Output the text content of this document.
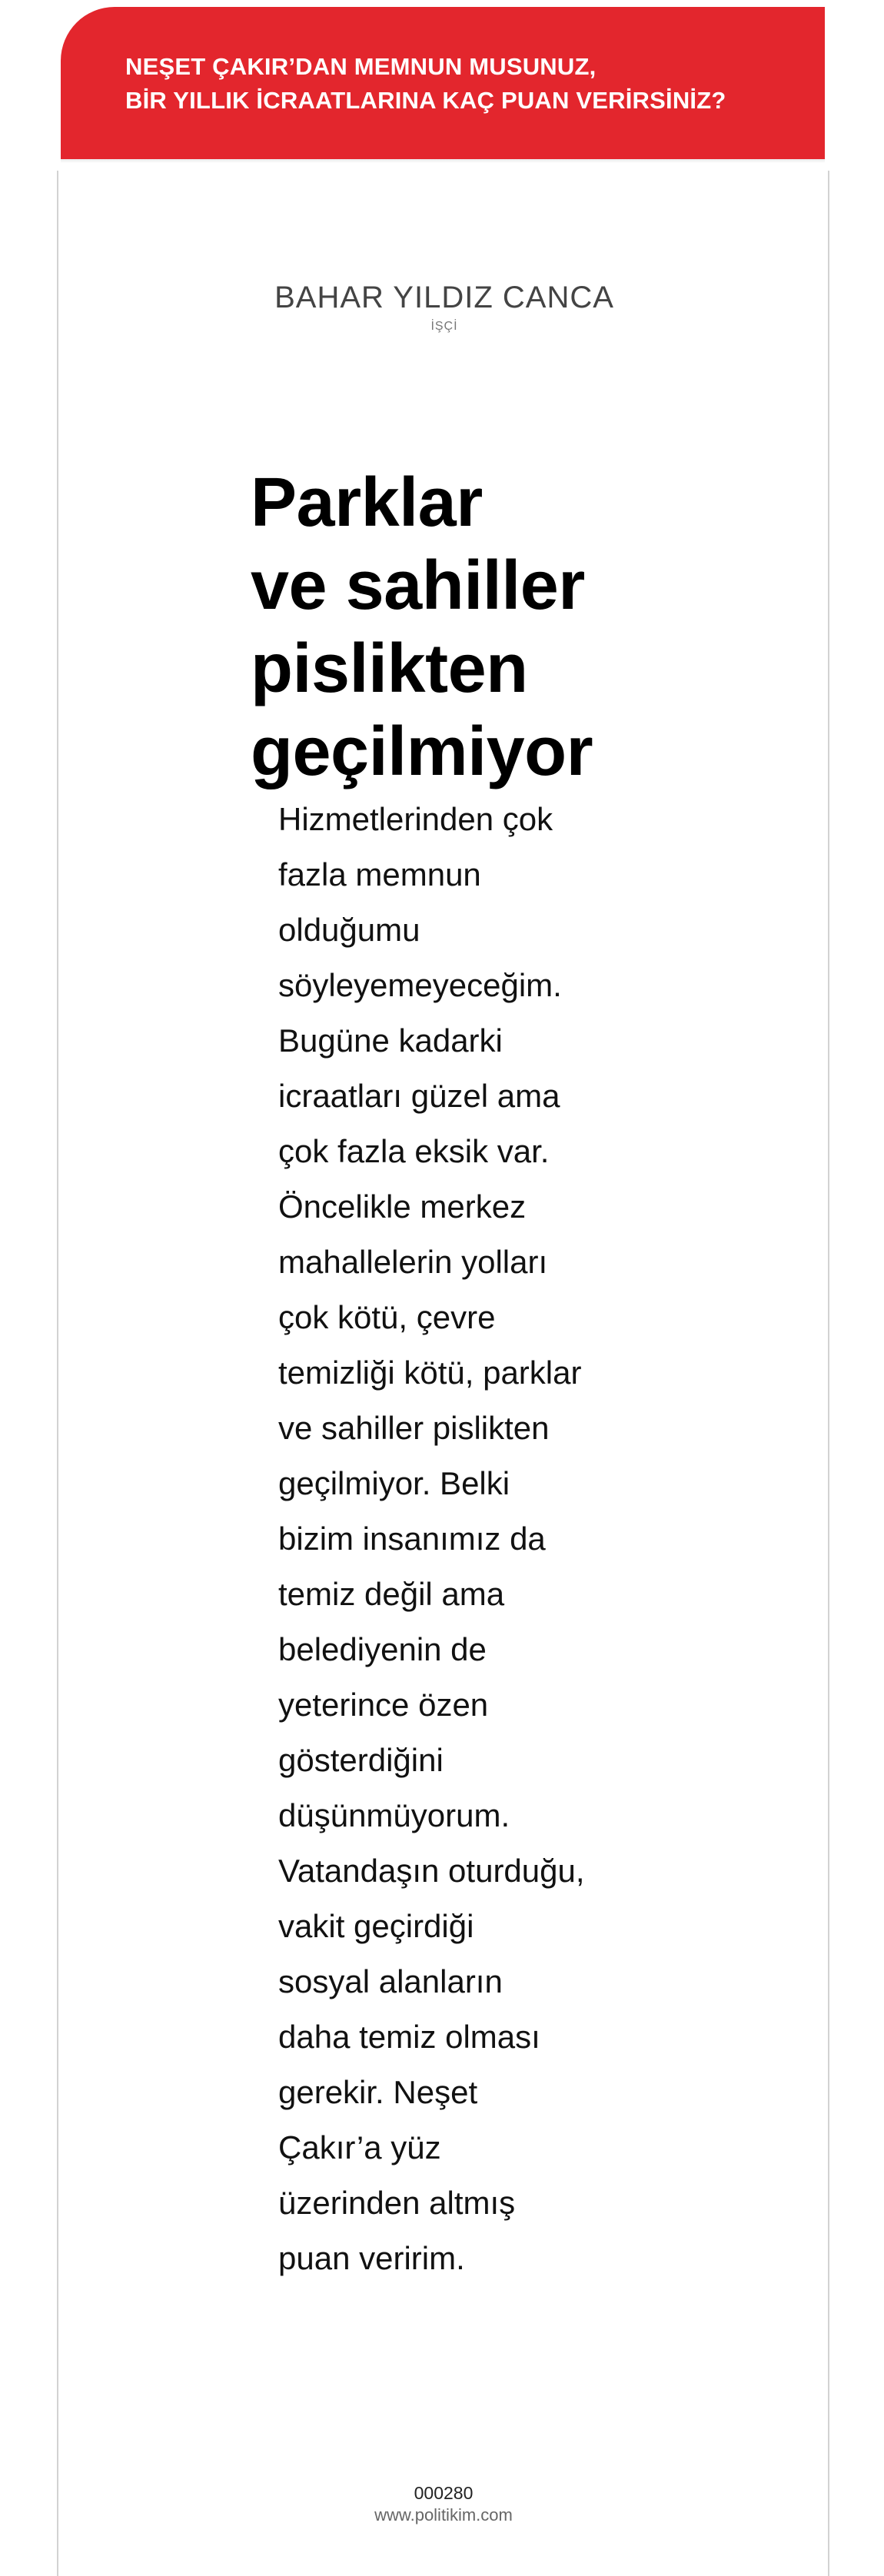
NEŞET ÇAKIR’DAN MEMNUN MUSUNUZ,
BİR YILLIK İCRAATLARINA KAÇ PUAN VERİRSİNİZ?
BAHAR YILDIZ CANCA
İŞÇİ
Parklar
ve sahiller
pislikten
geçilmiyor
Hizmetlerinden çok
fazla memnun
olduğumu
söyleyemeyeceğim.
Bugüne kadarki
icraatları güzel ama
çok fazla eksik var.
Öncelikle merkez
mahallelerin yolları
çok kötü, çevre
temizliği kötü, parklar
ve sahiller pislikten
geçilmiyor. Belki
bizim insanımız da
temiz değil ama
belediyenin de
yeterince özen
gösterdiğini
düşünmüyorum.
Vatandaşın oturduğu,
vakit geçirdiği
sosyal alanların
daha temiz olması
gerekir. Neşet
Çakır’a yüz
üzerinden altmış
puan veririm.
000280
www.politikim.com
